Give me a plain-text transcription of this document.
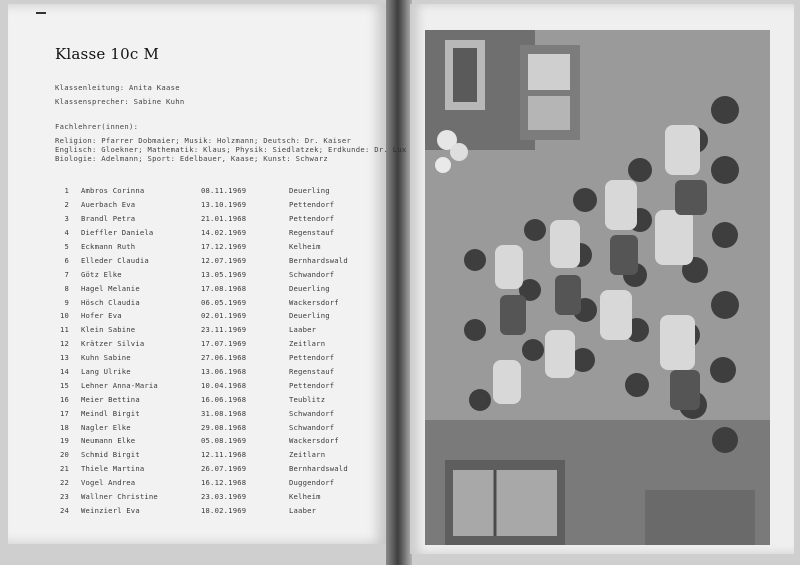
Klasse 10c M
Klassenleitung: Anita Kaase
Klassensprecher: Sabine Kuhn
Fachlehrer(innen):
Religion: Pfarrer Dobmaier; Musik: Holzmann; Deutsch: Dr. Kaiser
Englisch: Gloekner; Mathematik: Klaus; Physik: Siedlatzek; Erdkunde: Dr. Lux
Biologie: Adelmann; Sport: Edelbauer, Kaase; Kunst: Schwarz
1 Ambros Corinna	08.11.1969	Deuerling
2 Auerbach Eva	13.10.1969	Pettendorf
3 Brandl Petra	21.01.1968	Pettendorf
4 Dieffler Daniela	14.02.1969	Regenstauf
5 Eckmann Ruth	17.12.1969	Kelheim
6 Elleder Claudia	12.07.1969	Bernhardswald
7 Götz Elke	13.05.1969	Schwandorf
8 Hagel Melanie	17.08.1968	Deuerling
9 Hösch Claudia	06.05.1969	Wackersdorf
10 Hofer Eva	02.01.1969	Deuerling
11 Klein Sabine	23.11.1969	Laaber
12 Krätzer Silvia	17.07.1969	Zeitlarn
13 Kuhn Sabine	27.06.1968	Pettendorf
14 Lang Ulrike	13.06.1968	Regenstauf
15 Lehner Anna-Maria	10.04.1968	Pettendorf
16 Meier Bettina	16.06.1968	Teublitz
17 Meindl Birgit	31.08.1968	Schwandorf
18 Nagler Elke	29.08.1968	Schwandorf
19 Neumann Elke	05.08.1969	Wackersdorf
20 Schmid Birgit	12.11.1968	Zeitlarn
21 Thiele Martina	26.07.1969	Bernhardswald
22 Vogel Andrea	16.12.1968	Duggendorf
23 Wallner Christine	23.03.1969	Kelheim
24 Weinzierl Eva	18.02.1969	Laaber
